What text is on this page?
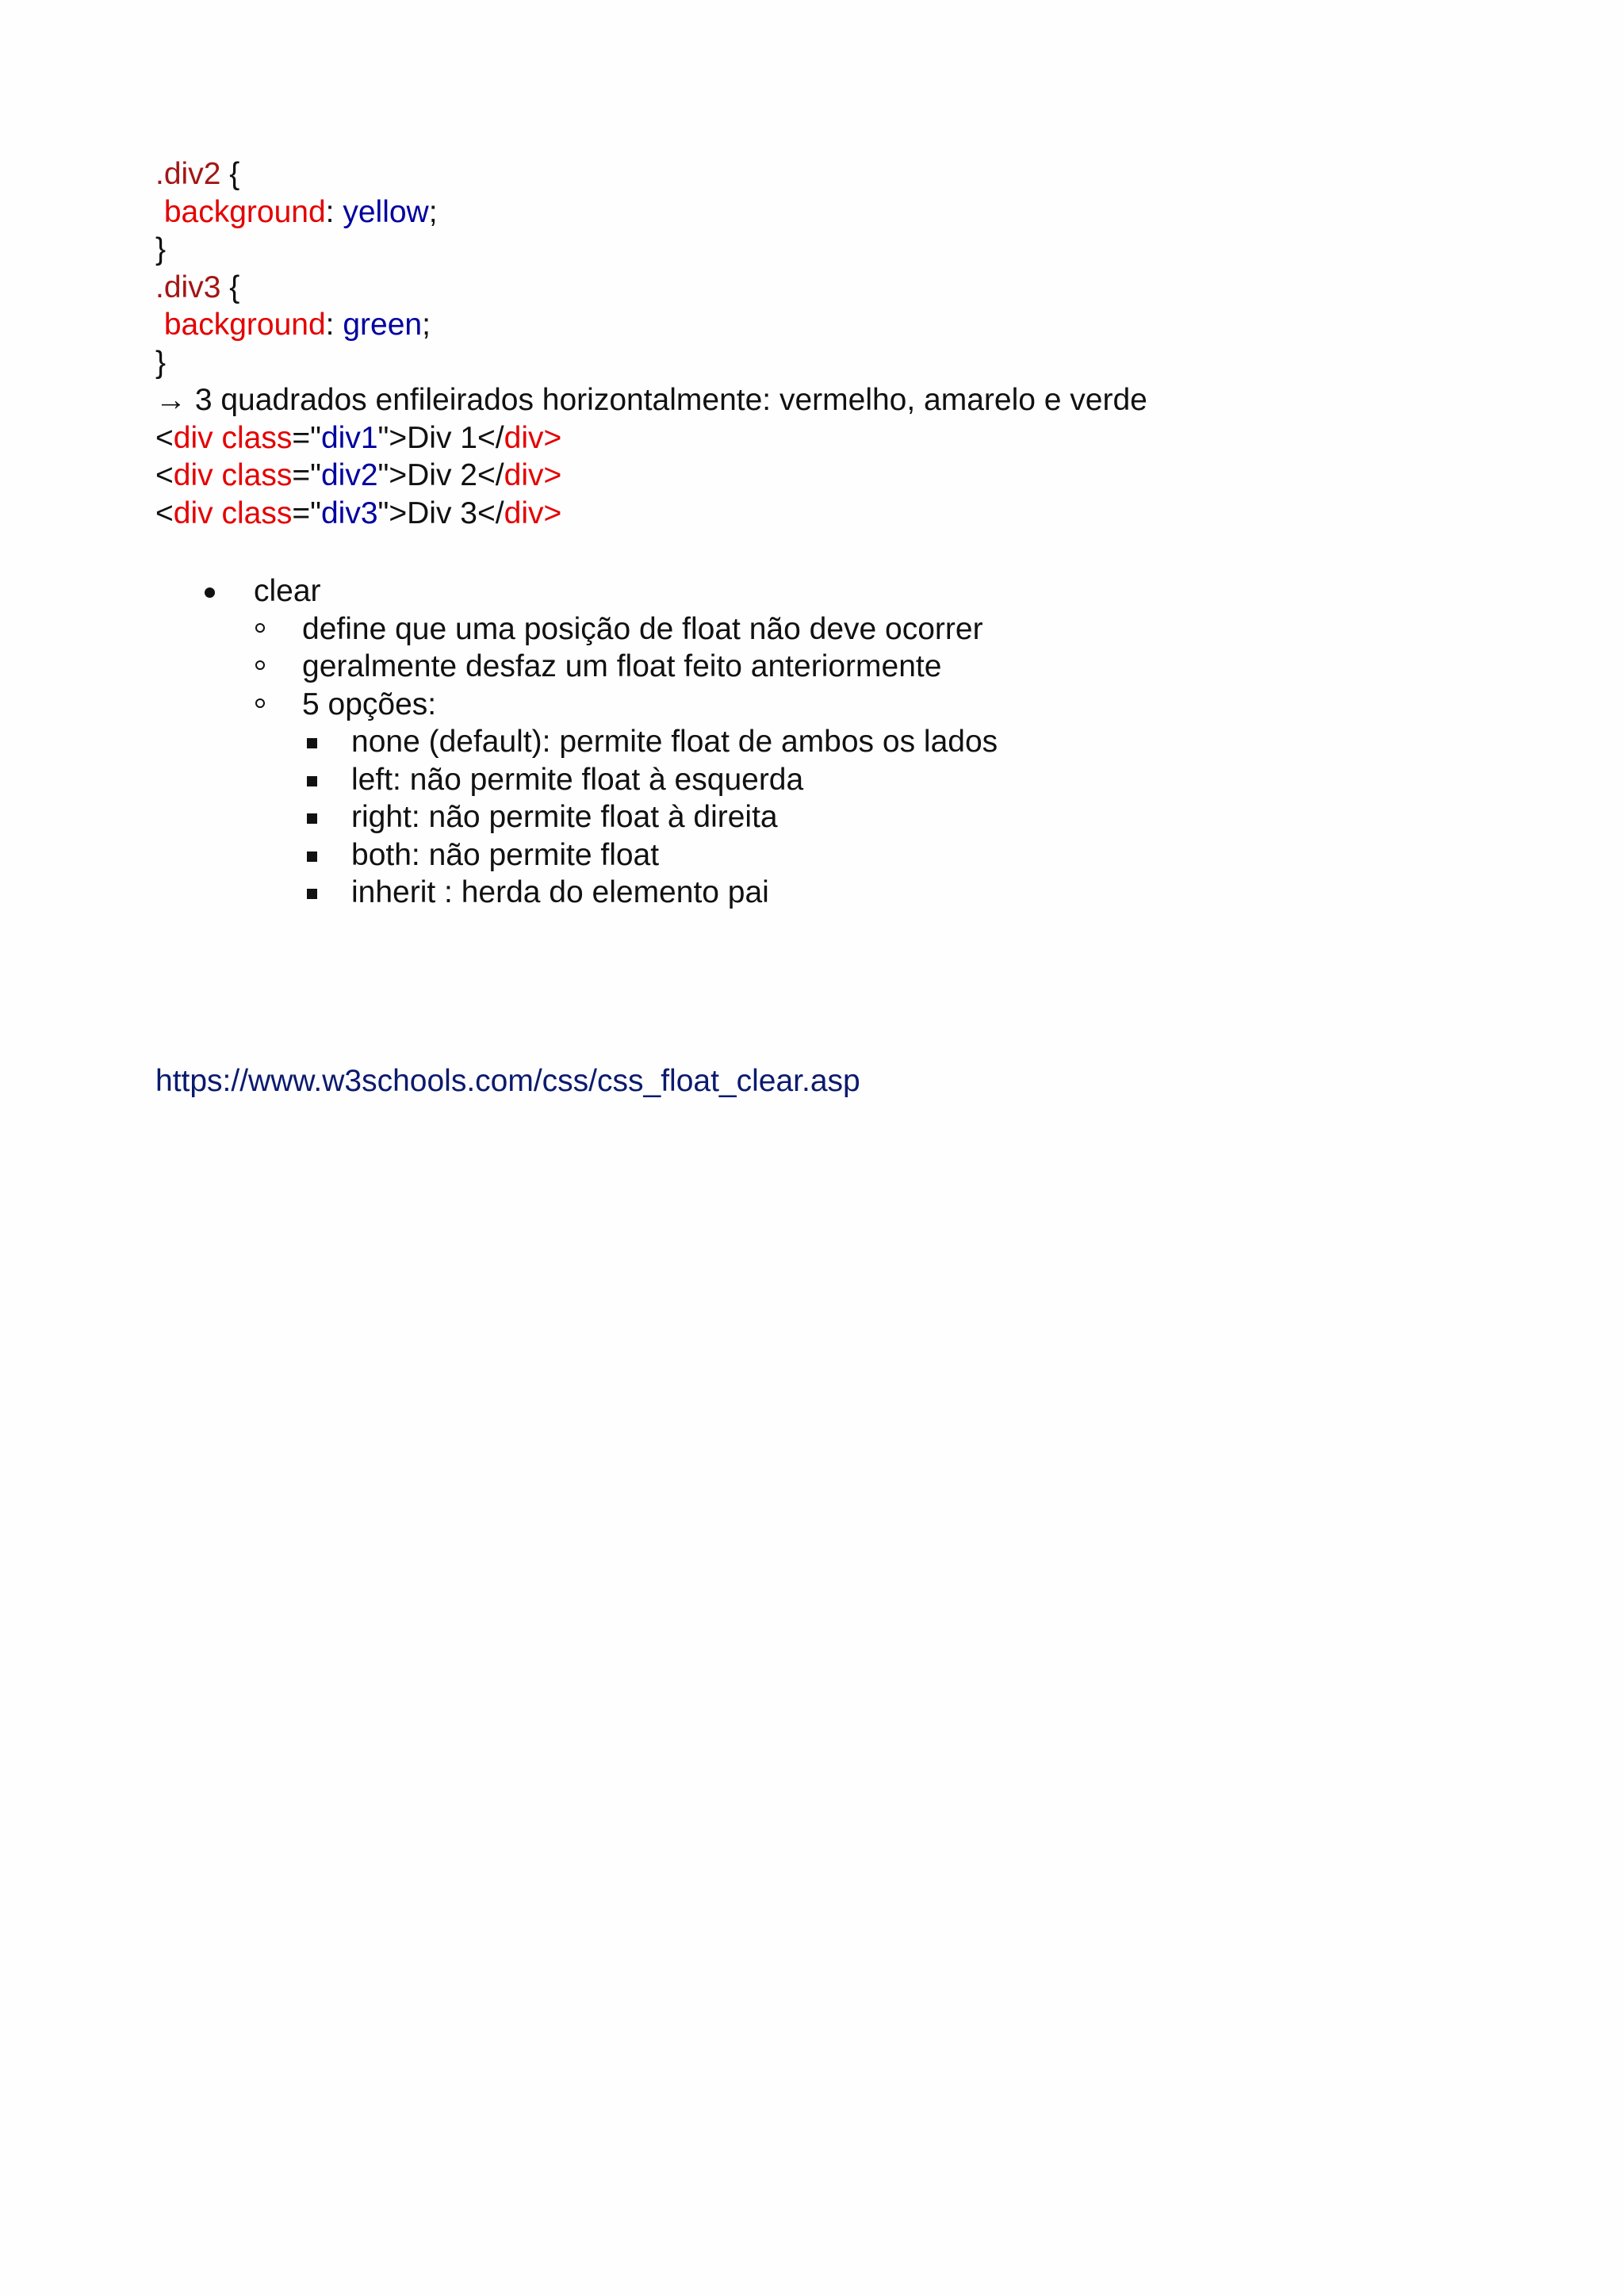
.div2 {
background: yellow;
}
.div3 {
background: green;
}
→ 3 quadrados enfileirados horizontalmente: vermelho, amarelo e verde
<div class="div1">Div 1</div>
<div class="div2">Div 2</div>
<div class="div3">Div 3</div>
clear
define que uma posição de float não deve ocorrer
geralmente desfaz um float feito anteriormente
5 opções:
none (default): permite float de ambos os lados
left: não permite float à esquerda
right: não permite float à direita
both: não permite float
inherit : herda do elemento pai
https://www.w3schools.com/css/css_float_clear.asp
